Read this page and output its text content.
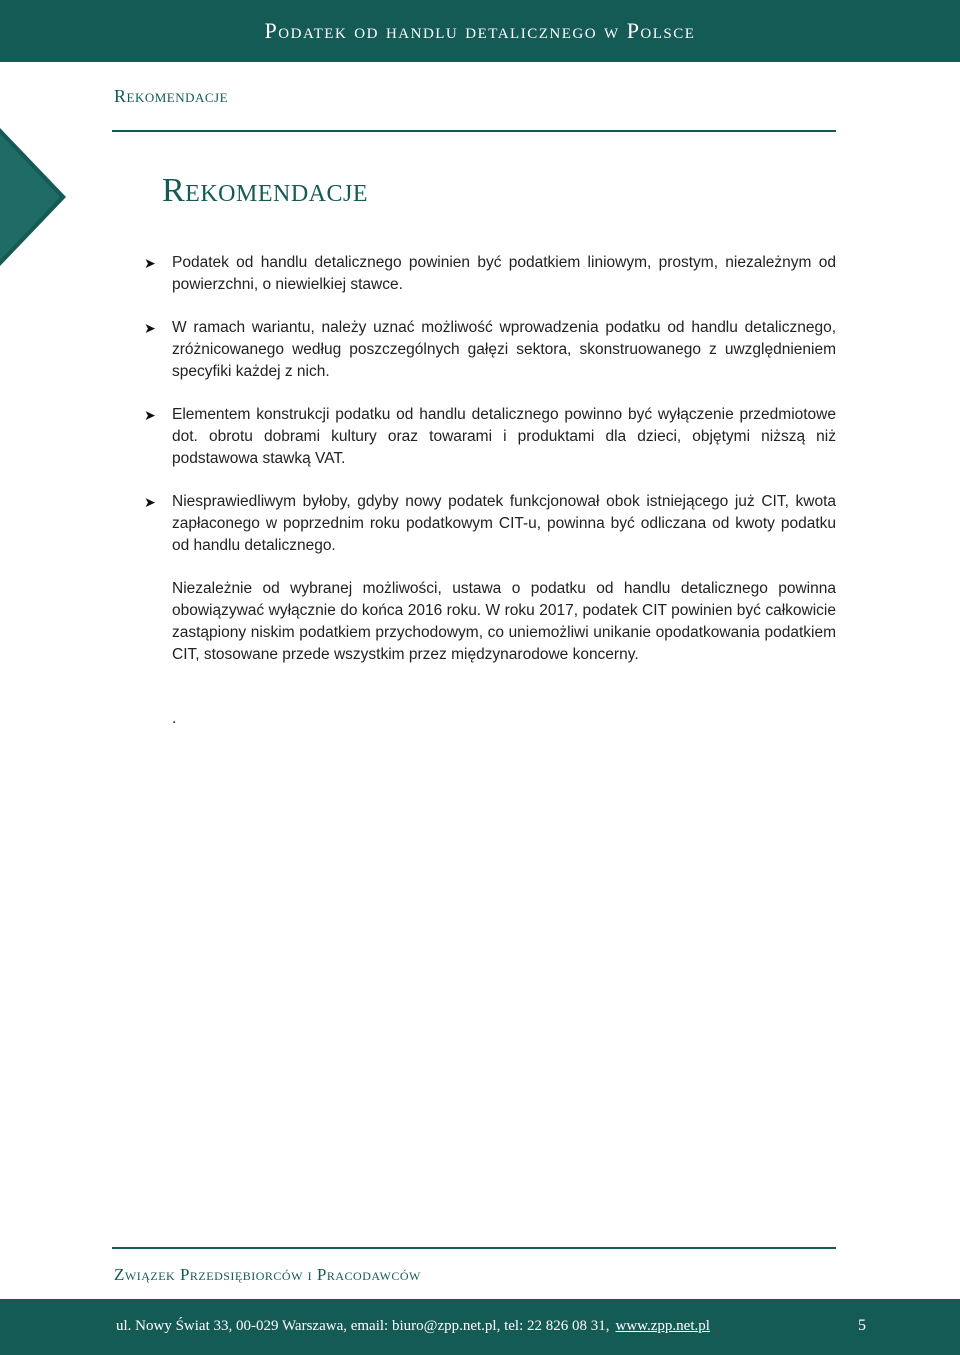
Podatek od handlu detalicznego w Polsce
Rekomendacje
Rekomendacje
➤ Podatek od handlu detalicznego powinien być podatkiem liniowym, prostym, niezależnym od powierzchni, o niewielkiej stawce.
➤ W ramach wariantu, należy uznać możliwość wprowadzenia podatku od handlu detalicznego, zróżnicowanego według poszczególnych gałęzi sektora, skonstruowanego z uwzględnieniem specyfiki każdej z nich.
➤ Elementem konstrukcji podatku od handlu detalicznego powinno być wyłączenie przedmiotowe dot. obrotu dobrami kultury oraz towarami i produktami dla dzieci, objętymi niższą niż podstawowa stawką VAT.
➤ Niesprawiedliwym byłoby, gdyby nowy podatek funkcjonował obok istniejącego już CIT, kwota zapłaconego w poprzednim roku podatkowym CIT-u, powinna być odliczana od kwoty podatku od handlu detalicznego.
Niezależnie od wybranej możliwości, ustawa o podatku od handlu detalicznego powinna obowiązywać wyłącznie do końca 2016 roku. W roku 2017, podatek CIT powinien być całkowicie zastąpiony niskim podatkiem przychodowym, co uniemożliwi unikanie opodatkowania podatkiem CIT, stosowane przede wszystkim przez międzynarodowe koncerny.
.
Związek Przedsiębiorców i Pracodawców
ul. Nowy Świat 33, 00-029 Warszawa, email: biuro@zpp.net.pl, tel: 22 826 08 31, www.zpp.net.pl	5
